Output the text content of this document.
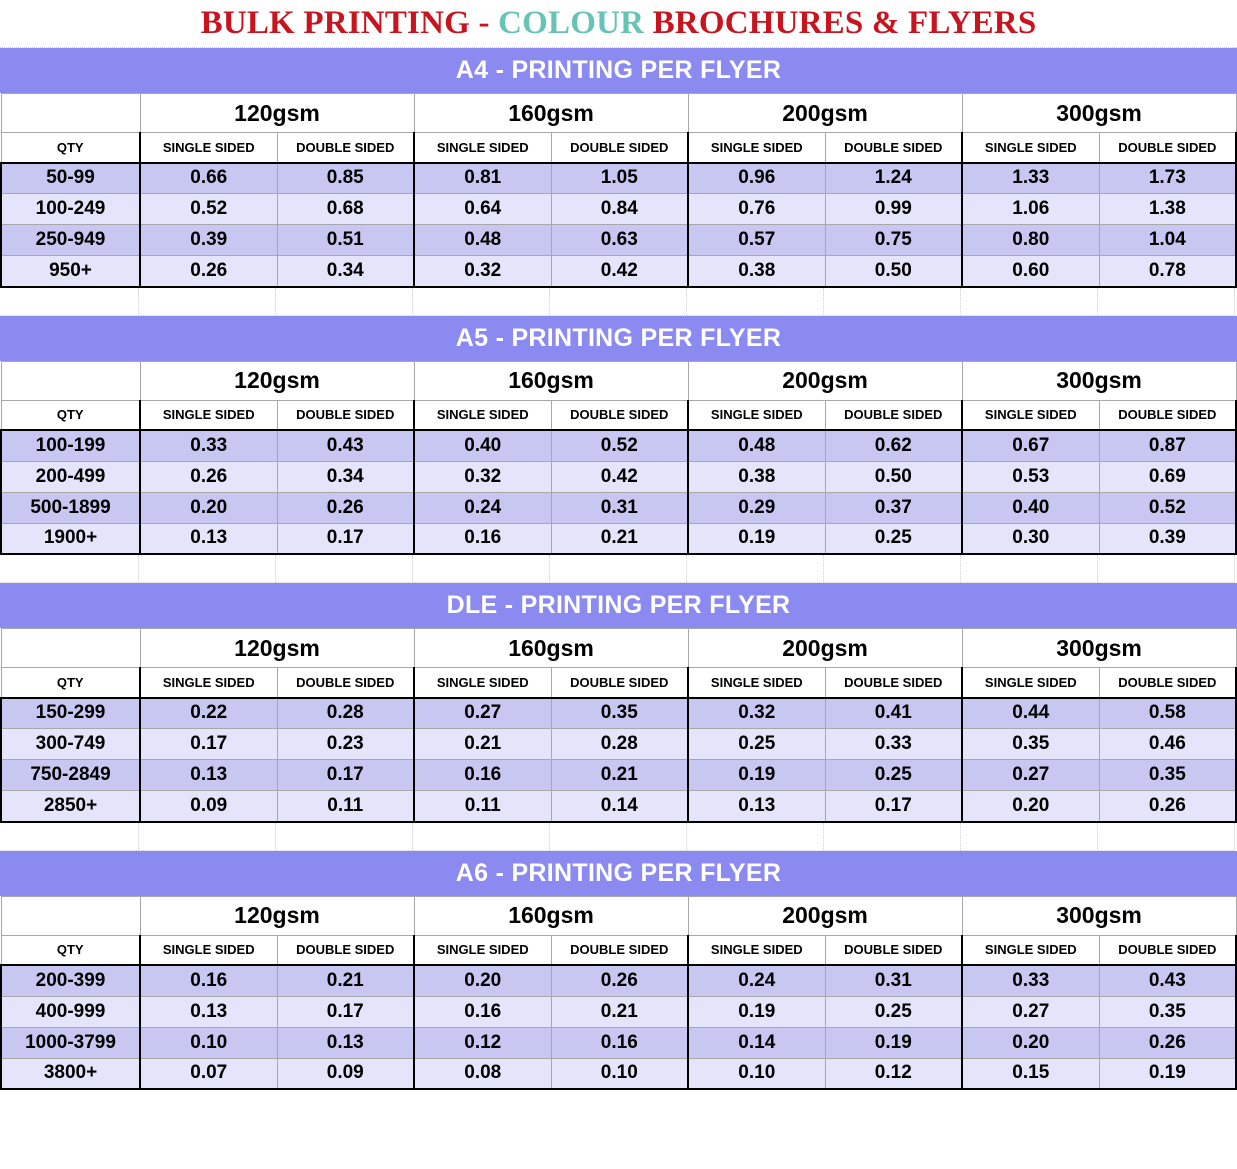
BULK PRINTING - COLOUR BROCHURES & FLYERS
A4 - PRINTING PER FLYER
	120gsm		160gsm		200gsm		300gsm	
QTY	SINGLE SIDED	DOUBLE SIDED	SINGLE SIDED	DOUBLE SIDED	SINGLE SIDED	DOUBLE SIDED	SINGLE SIDED	DOUBLE SIDED
50-99	0.66	0.85	0.81	1.05	0.96	1.24	1.33	1.73
100-249	0.52	0.68	0.64	0.84	0.76	0.99	1.06	1.38
250-949	0.39	0.51	0.48	0.63	0.57	0.75	0.80	1.04
950+	0.26	0.34	0.32	0.42	0.38	0.50	0.60	0.78
A5 - PRINTING PER FLYER
	120gsm		160gsm		200gsm		300gsm	
QTY	SINGLE SIDED	DOUBLE SIDED	SINGLE SIDED	DOUBLE SIDED	SINGLE SIDED	DOUBLE SIDED	SINGLE SIDED	DOUBLE SIDED
100-199	0.33	0.43	0.40	0.52	0.48	0.62	0.67	0.87
200-499	0.26	0.34	0.32	0.42	0.38	0.50	0.53	0.69
500-1899	0.20	0.26	0.24	0.31	0.29	0.37	0.40	0.52
1900+	0.13	0.17	0.16	0.21	0.19	0.25	0.30	0.39
DLE - PRINTING PER FLYER
	120gsm		160gsm		200gsm		300gsm	
QTY	SINGLE SIDED	DOUBLE SIDED	SINGLE SIDED	DOUBLE SIDED	SINGLE SIDED	DOUBLE SIDED	SINGLE SIDED	DOUBLE SIDED
150-299	0.22	0.28	0.27	0.35	0.32	0.41	0.44	0.58
300-749	0.17	0.23	0.21	0.28	0.25	0.33	0.35	0.46
750-2849	0.13	0.17	0.16	0.21	0.19	0.25	0.27	0.35
2850+	0.09	0.11	0.11	0.14	0.13	0.17	0.20	0.26
A6 - PRINTING PER FLYER
	120gsm		160gsm		200gsm		300gsm	
QTY	SINGLE SIDED	DOUBLE SIDED	SINGLE SIDED	DOUBLE SIDED	SINGLE SIDED	DOUBLE SIDED	SINGLE SIDED	DOUBLE SIDED
200-399	0.16	0.21	0.20	0.26	0.24	0.31	0.33	0.43
400-999	0.13	0.17	0.16	0.21	0.19	0.25	0.27	0.35
1000-3799	0.10	0.13	0.12	0.16	0.14	0.19	0.20	0.26
3800+	0.07	0.09	0.08	0.10	0.10	0.12	0.15	0.19
